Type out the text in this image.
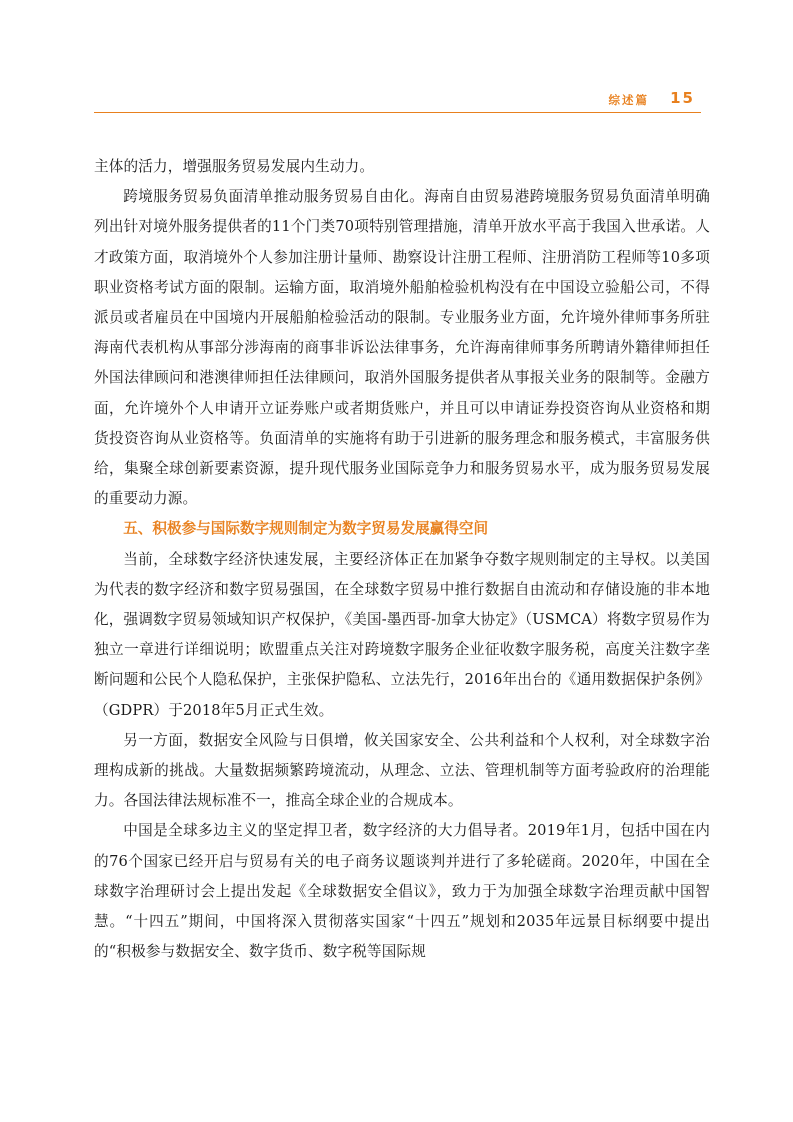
综述篇 15

主体的活力，增强服务贸易发展内生动力。

跨境服务贸易负面清单推动服务贸易自由化。海南自由贸易港跨境服务贸易负面清单明确列出针对境外服务提供者的11个门类70项特别管理措施，清单开放水平高于我国入世承诺。人才政策方面，取消境外个人参加注册计量师、勘察设计注册工程师、注册消防工程师等10多项职业资格考试方面的限制。运输方面，取消境外船舶检验机构没有在中国设立验船公司，不得派员或者雇员在中国境内开展船舶检验活动的限制。专业服务业方面，允许境外律师事务所驻海南代表机构从事部分涉海南的商事非诉讼法律事务，允许海南律师事务所聘请外籍律师担任外国法律顾问和港澳律师担任法律顾问，取消外国服务提供者从事报关业务的限制等。金融方面，允许境外个人申请开立证券账户或者期货账户，并且可以申请证券投资咨询从业资格和期货投资咨询从业资格等。负面清单的实施将有助于引进新的服务理念和服务模式，丰富服务供给，集聚全球创新要素资源，提升现代服务业国际竞争力和服务贸易水平，成为服务贸易发展的重要动力源。

五、积极参与国际数字规则制定为数字贸易发展赢得空间

当前，全球数字经济快速发展，主要经济体正在加紧争夺数字规则制定的主导权。以美国为代表的数字经济和数字贸易强国，在全球数字贸易中推行数据自由流动和存储设施的非本地化，强调数字贸易领域知识产权保护，《美国-墨西哥-加拿大协定》（USMCA）将数字贸易作为独立一章进行详细说明；欧盟重点关注对跨境数字服务企业征收数字服务税，高度关注数字垄断问题和公民个人隐私保护，主张保护隐私、立法先行，2016年出台的《通用数据保护条例》（GDPR）于2018年5月正式生效。

另一方面，数据安全风险与日俱增，攸关国家安全、公共利益和个人权利，对全球数字治理构成新的挑战。大量数据频繁跨境流动，从理念、立法、管理机制等方面考验政府的治理能力。各国法律法规标准不一，推高全球企业的合规成本。

中国是全球多边主义的坚定捍卫者，数字经济的大力倡导者。2019年1月，包括中国在内的76个国家已经开启与贸易有关的电子商务议题谈判并进行了多轮磋商。2020年，中国在全球数字治理研讨会上提出发起《全球数据安全倡议》，致力于为加强全球数字治理贡献中国智慧。“十四五”期间，中国将深入贯彻落实国家“十四五”规划和2035年远景目标纲要中提出的“积极参与数据安全、数字货币、数字税等国际规
